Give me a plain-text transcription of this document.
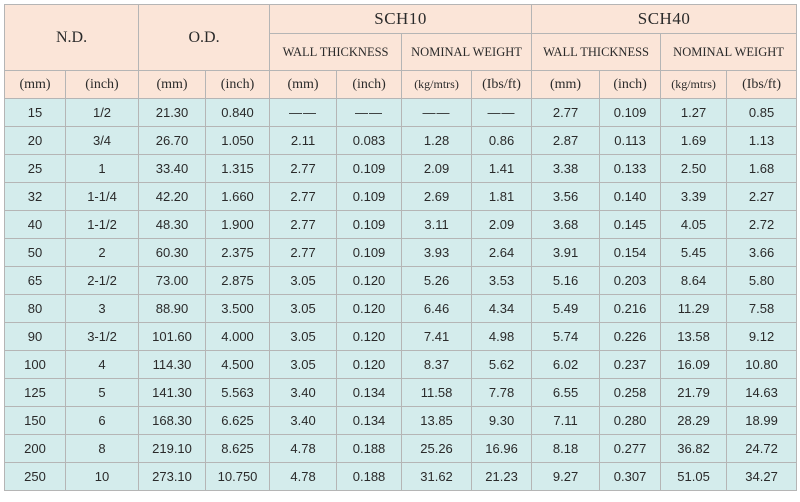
N.D.		O.D.		SCH10				SCH40			
				WALL THICKNESS		NOMINAL WEIGHT		WALL THICKNESS		NOMINAL WEIGHT	
(mm)	(inch)	(mm)	(inch)	(mm)	(inch)	(kg/mtrs)	(Ibs/ft)	(mm)	(inch)	(kg/mtrs)	(Ibs/ft)
15	1/2	21.30	0.840	——	——	——	——	2.77	0.109	1.27	0.85
20	3/4	26.70	1.050	2.11	0.083	1.28	0.86	2.87	0.113	1.69	1.13
25	1	33.40	1.315	2.77	0.109	2.09	1.41	3.38	0.133	2.50	1.68
32	1-1/4	42.20	1.660	2.77	0.109	2.69	1.81	3.56	0.140	3.39	2.27
40	1-1/2	48.30	1.900	2.77	0.109	3.11	2.09	3.68	0.145	4.05	2.72
50	2	60.30	2.375	2.77	0.109	3.93	2.64	3.91	0.154	5.45	3.66
65	2-1/2	73.00	2.875	3.05	0.120	5.26	3.53	5.16	0.203	8.64	5.80
80	3	88.90	3.500	3.05	0.120	6.46	4.34	5.49	0.216	11.29	7.58
90	3-1/2	101.60	4.000	3.05	0.120	7.41	4.98	5.74	0.226	13.58	9.12
100	4	114.30	4.500	3.05	0.120	8.37	5.62	6.02	0.237	16.09	10.80
125	5	141.30	5.563	3.40	0.134	11.58	7.78	6.55	0.258	21.79	14.63
150	6	168.30	6.625	3.40	0.134	13.85	9.30	7.11	0.280	28.29	18.99
200	8	219.10	8.625	4.78	0.188	25.26	16.96	8.18	0.277	36.82	24.72
250	10	273.10	10.750	4.78	0.188	31.62	21.23	9.27	0.307	51.05	34.27
